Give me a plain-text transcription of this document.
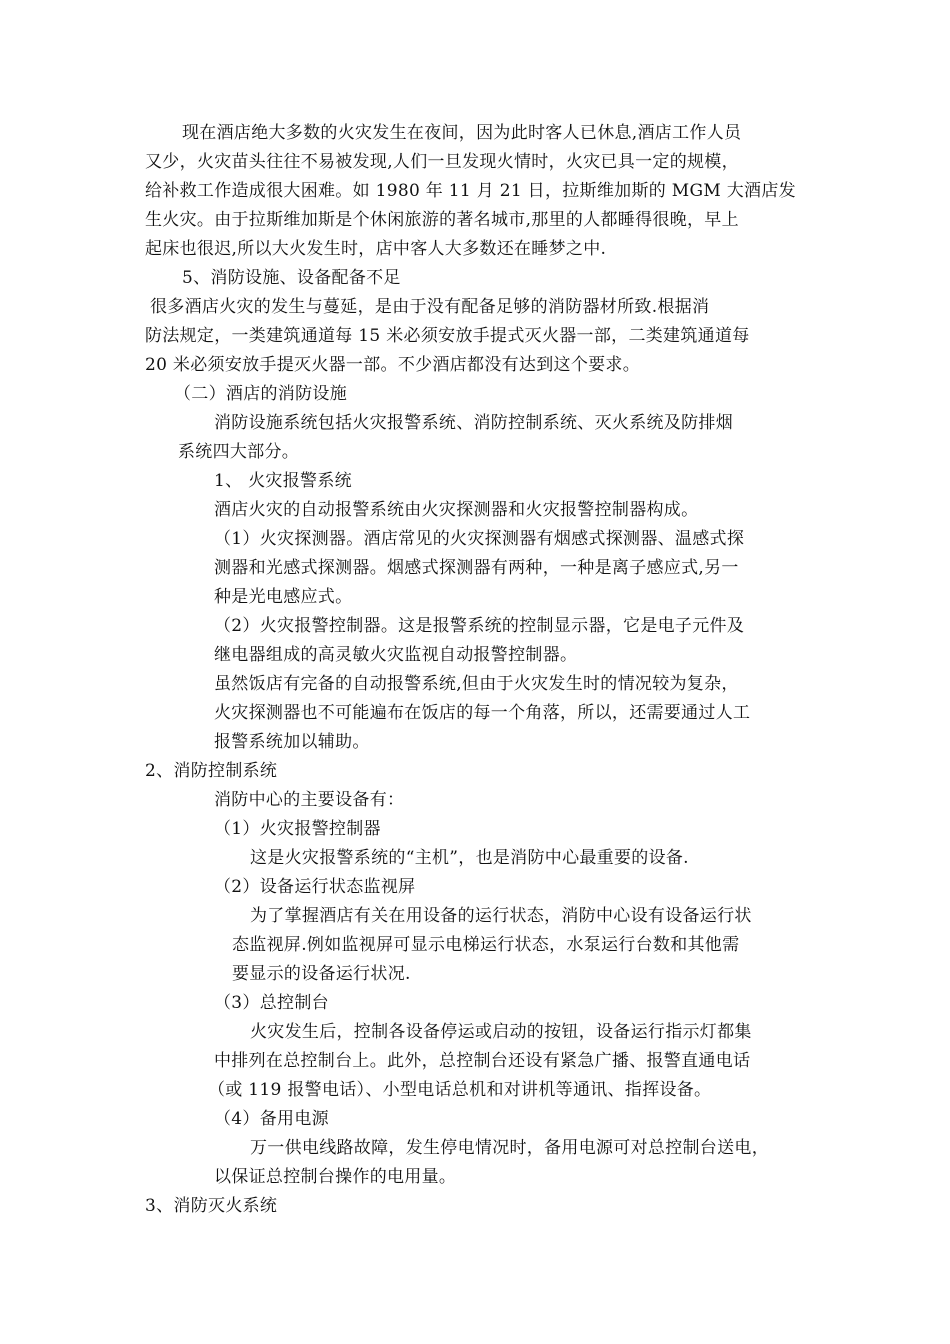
现在酒店绝大多数的火灾发生在夜间，因为此时客人已休息,酒店工作人员
又少，火灾苗头往往不易被发现,人们一旦发现火情时，火灾已具一定的规模，
给补救工作造成很大困难。如 1980 年 11 月 21 日，拉斯维加斯的 MGM 大酒店发
生火灾。由于拉斯维加斯是个休闲旅游的著名城市,那里的人都睡得很晚，早上
起床也很迟,所以大火发生时，店中客人大多数还在睡梦之中.
5、消防设施、设备配备不足
很多酒店火灾的发生与蔓延，是由于没有配备足够的消防器材所致.根据消
防法规定，一类建筑通道每 15 米必须安放手提式灭火器一部，二类建筑通道每
20 米必须安放手提灭火器一部。不少酒店都没有达到这个要求。
（二）酒店的消防设施
消防设施系统包括火灾报警系统、消防控制系统、灭火系统及防排烟
系统四大部分。
1、 火灾报警系统
酒店火灾的自动报警系统由火灾探测器和火灾报警控制器构成。
（1）火灾探测器。酒店常见的火灾探测器有烟感式探测器、温感式探
测器和光感式探测器。烟感式探测器有两种，一种是离子感应式,另一
种是光电感应式。
（2）火灾报警控制器。这是报警系统的控制显示器，它是电子元件及
继电器组成的高灵敏火灾监视自动报警控制器。
虽然饭店有完备的自动报警系统,但由于火灾发生时的情况较为复杂，
火灾探测器也不可能遍布在饭店的每一个角落，所以，还需要通过人工
报警系统加以辅助。
2、消防控制系统
消防中心的主要设备有：
（1）火灾报警控制器
这是火灾报警系统的“主机”，也是消防中心最重要的设备.
（2）设备运行状态监视屏
为了掌握酒店有关在用设备的运行状态，消防中心设有设备运行状
态监视屏.例如监视屏可显示电梯运行状态，水泵运行台数和其他需
要显示的设备运行状况.
（3）总控制台
火灾发生后，控制各设备停运或启动的按钮，设备运行指示灯都集
中排列在总控制台上。此外，总控制台还设有紧急广播、报警直通电话
（或 119 报警电话）、小型电话总机和对讲机等通讯、指挥设备。
（4）备用电源
万一供电线路故障，发生停电情况时，备用电源可对总控制台送电，
以保证总控制台操作的电用量。
3、消防灭火系统
